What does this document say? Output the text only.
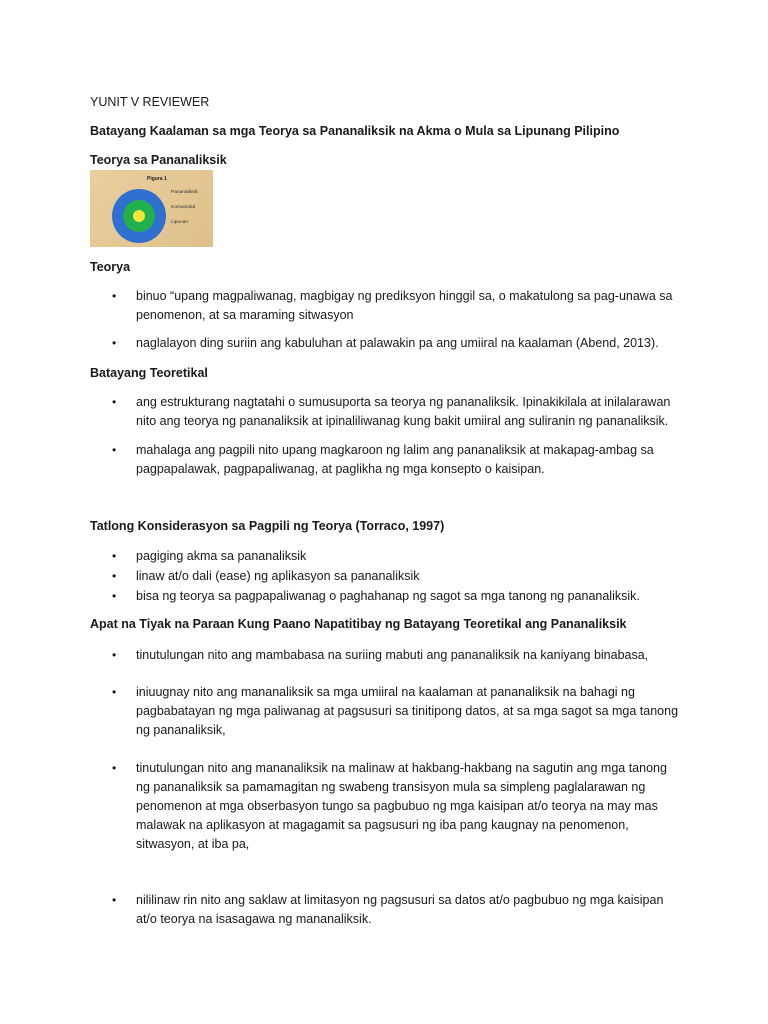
YUNIT V REVIEWER
Batayang Kaalaman sa mga Teorya sa Pananaliksik na Akma o Mula sa Lipunang Pilipino
Teorya sa Pananaliksik
Pigura 1
Pananaliksik
Komunidad
Lipunan
Teorya
•	binuo “upang magpaliwanag, magbigay ng prediksyon hinggil sa, o makatulong sa pag-unawa sa
penomenon, at sa maraming sitwasyon
•	naglalayon ding suriin ang kabuluhan at palawakin pa ang umiiral na kaalaman (Abend, 2013).
Batayang Teoretikal
•	ang estrukturang nagtatahi o sumusuporta sa teorya ng pananaliksik. Ipinakikilala at inilalarawan
nito ang teorya ng pananaliksik at ipinaliliwanag kung bakit umiiral ang suliranin ng pananaliksik.
•	mahalaga ang pagpili nito upang magkaroon ng lalim ang pananaliksik at makapag-ambag sa
pagpapalawak, pagpapaliwanag, at paglikha ng mga konsepto o kaisipan.
Tatlong Konsiderasyon sa Pagpili ng Teorya (Torraco, 1997)
•	pagiging akma sa pananaliksik
•	linaw at/o dali (ease) ng aplikasyon sa pananaliksik
•	bisa ng teorya sa pagpapaliwanag o paghahanap ng sagot sa mga tanong ng pananaliksik.
Apat na Tiyak na Paraan Kung Paano Napatitibay ng Batayang Teoretikal ang Pananaliksik
•	tinutulungan nito ang mambabasa na suriing mabuti ang pananaliksik na kaniyang binabasa,
•	iniuugnay nito ang mananaliksik sa mga umiiral na kaalaman at pananaliksik na bahagi ng
pagbabatayan ng mga paliwanag at pagsusuri sa tinitipong datos, at sa mga sagot sa mga tanong
ng pananaliksik,
•	tinutulungan nito ang mananaliksik na malinaw at hakbang-hakbang na sagutin ang mga tanong
ng pananaliksik sa pamamagitan ng swabeng transisyon mula sa simpleng paglalarawan ng
penomenon at mga obserbasyon tungo sa pagbubuo ng mga kaisipan at/o teorya na may mas
malawak na aplikasyon at magagamit sa pagsusuri ng iba pang kaugnay na penomenon,
sitwasyon, at iba pa,
•	nililinaw rin nito ang saklaw at limitasyon ng pagsusuri sa datos at/o pagbubuo ng mga kaisipan
at/o teorya na isasagawa ng mananaliksik.
